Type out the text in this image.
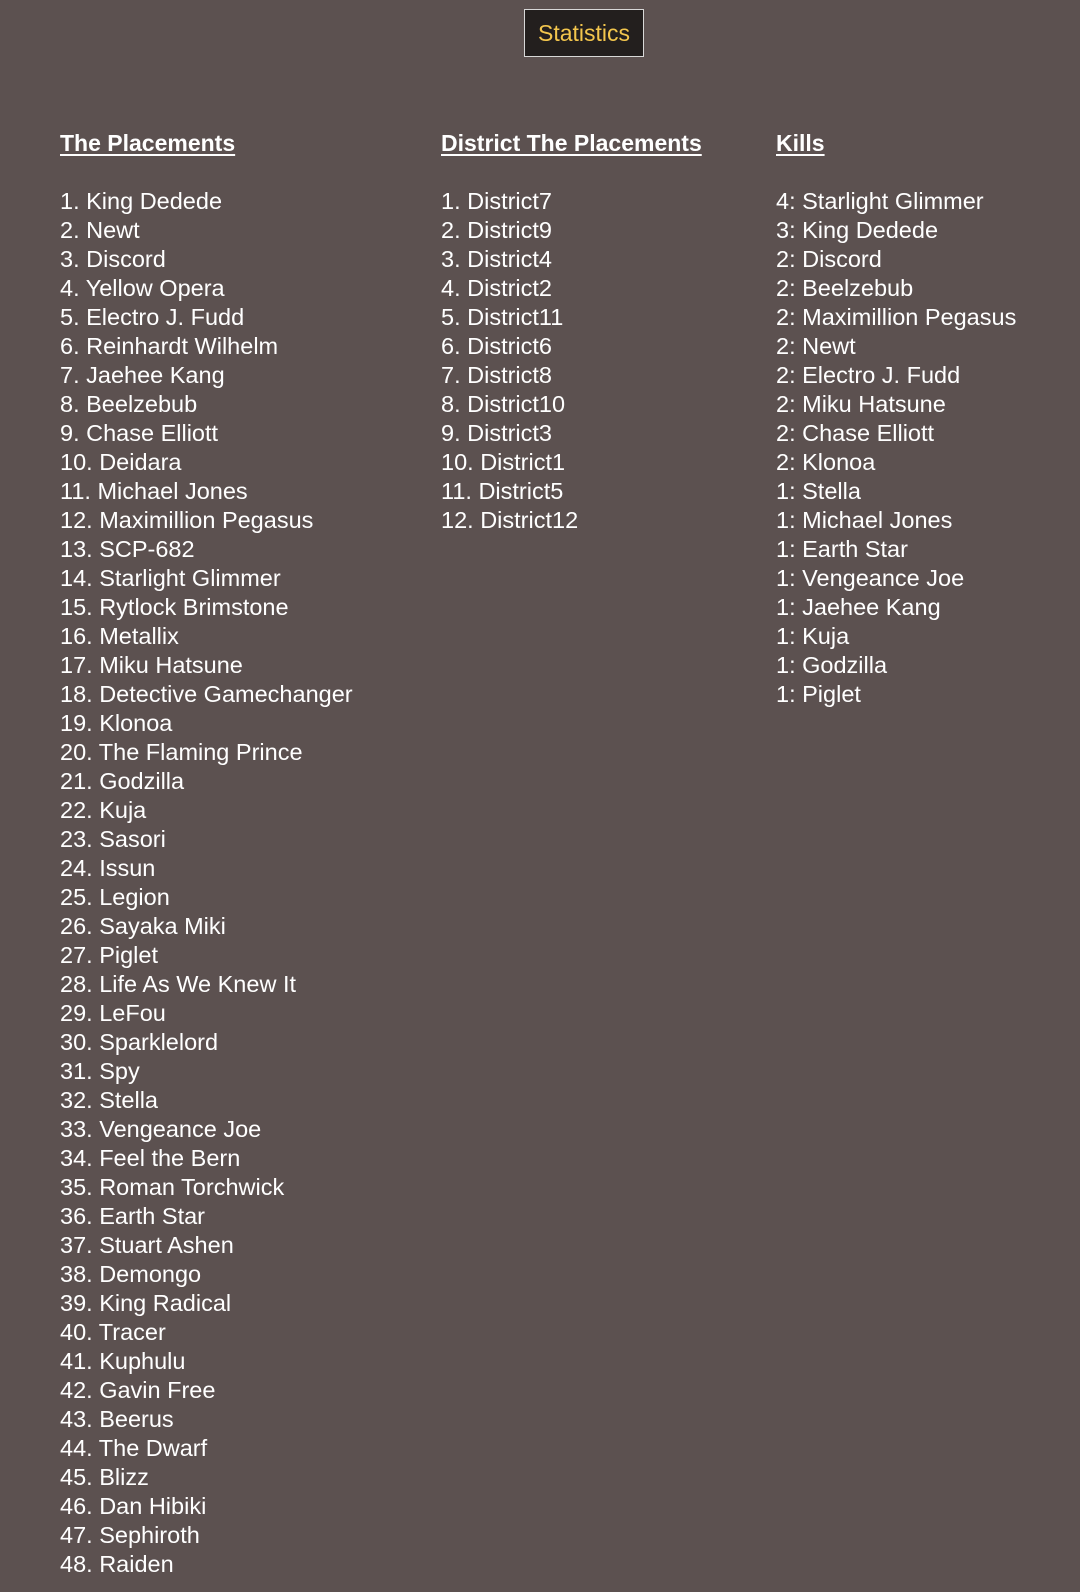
Statistics
The Placements
1. King Dedede
2. Newt
3. Discord
4. Yellow Opera
5. Electro J. Fudd
6. Reinhardt Wilhelm
7. Jaehee Kang
8. Beelzebub
9. Chase Elliott
10. Deidara
11. Michael Jones
12. Maximillion Pegasus
13. SCP-682
14. Starlight Glimmer
15. Rytlock Brimstone
16. Metallix
17. Miku Hatsune
18. Detective Gamechanger
19. Klonoa
20. The Flaming Prince
21. Godzilla
22. Kuja
23. Sasori
24. Issun
25. Legion
26. Sayaka Miki
27. Piglet
28. Life As We Knew It
29. LeFou
30. Sparklelord
31. Spy
32. Stella
33. Vengeance Joe
34. Feel the Bern
35. Roman Torchwick
36. Earth Star
37. Stuart Ashen
38. Demongo
39. King Radical
40. Tracer
41. Kuphulu
42. Gavin Free
43. Beerus
44. The Dwarf
45. Blizz
46. Dan Hibiki
47. Sephiroth
48. Raiden
District The Placements
1. District7
2. District9
3. District4
4. District2
5. District11
6. District6
7. District8
8. District10
9. District3
10. District1
11. District5
12. District12
Kills
4: Starlight Glimmer
3: King Dedede
2: Discord
2: Beelzebub
2: Maximillion Pegasus
2: Newt
2: Electro J. Fudd
2: Miku Hatsune
2: Chase Elliott
2: Klonoa
1: Stella
1: Michael Jones
1: Earth Star
1: Vengeance Joe
1: Jaehee Kang
1: Kuja
1: Godzilla
1: Piglet
